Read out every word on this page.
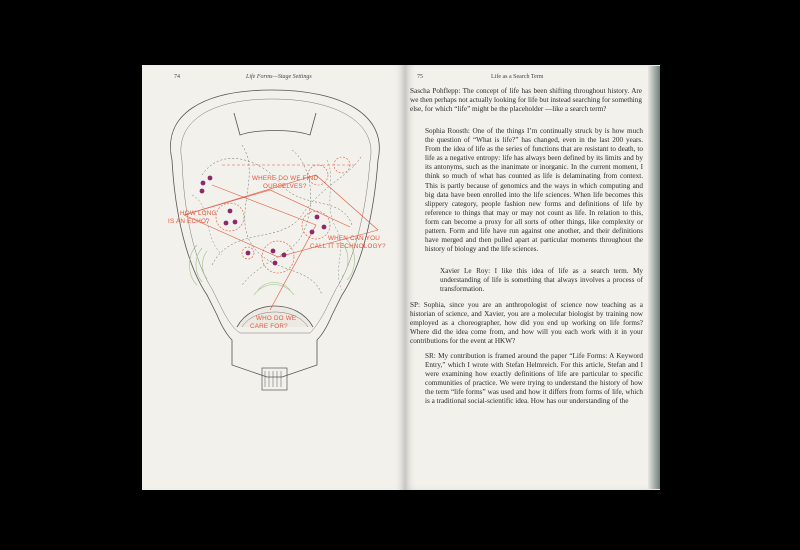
74	Life Forms—Stage Settings
WHERE DO WE FIND
OURSELVES?
HOW LONG
IS AN ECHO?
WHEN CAN YOU
CALL IT TECHNOLOGY?
WHO DO WE
CARE FOR?
75	Life as a Search Term

Sascha Pohflepp: The concept of life has been shifting throughout history. Are we then perhaps not actually looking for life but instead searching for something else, for which “life” might be the placeholder —like a search term?

Sophia Roosth: One of the things I’m continually struck by is how much the question of “What is life?” has changed, even in the last 200 years. From the idea of life as the series of functions that are resistant to death, to life as a negative entropy: life has always been defined by its limits and by its antonyms, such as the inanimate or inorganic. In the current moment, I think so much of what has counted as life is delaminating from context. This is partly because of genomics and the ways in which computing and big data have been enrolled into the life sciences. When life becomes this slippery category, people fashion new forms and definitions of life by reference to things that may or may not count as life. In relation to this, form can become a proxy for all sorts of other things, like complexity or pattern. Form and life have run against one another, and their definitions have merged and then pulled apart at particular moments throughout the history of biology and the life sciences.

Xavier Le Roy: I like this idea of life as a search term. My understanding of life is something that always involves a process of transformation.

SP: Sophia, since you are an anthropologist of science now teaching as a historian of science, and Xavier, you are a molecular biologist by training now employed as a choreographer, how did you end up working on life forms? Where did the idea come from, and how will you each work with it in your contributions for the event at HKW?

SR: My contribution is framed around the paper “Life Forms: A Keyword Entry,” which I wrote with Stefan Helmreich. For this article, Stefan and I were examining how exactly definitions of life are particular to specific communities of practice. We were trying to understand the history of how the term “life forms” was used and how it differs from forms of life, which is a traditional social-scientific idea. How has our understanding of the
